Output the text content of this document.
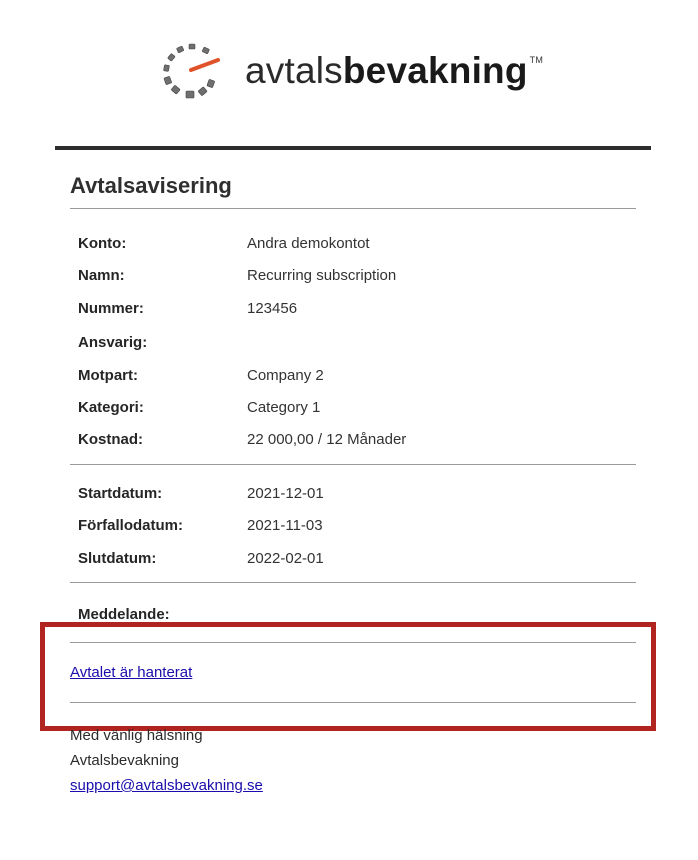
avtalsbevakning ™
Avtalsavisering
Konto:	Andra demokontot
Namn:	Recurring subscription
Nummer:	123456
Ansvarig:
Motpart:	Company 2
Kategori:	Category 1
Kostnad:	22 000,00 / 12 Månader
Startdatum:	2021-12-01
Förfallodatum:	2021-11-03
Slutdatum:	2022-02-01
Meddelande:
Avtalet är hanterat
Med vänlig hälsning
Avtalsbevakning
support@avtalsbevakning.se
